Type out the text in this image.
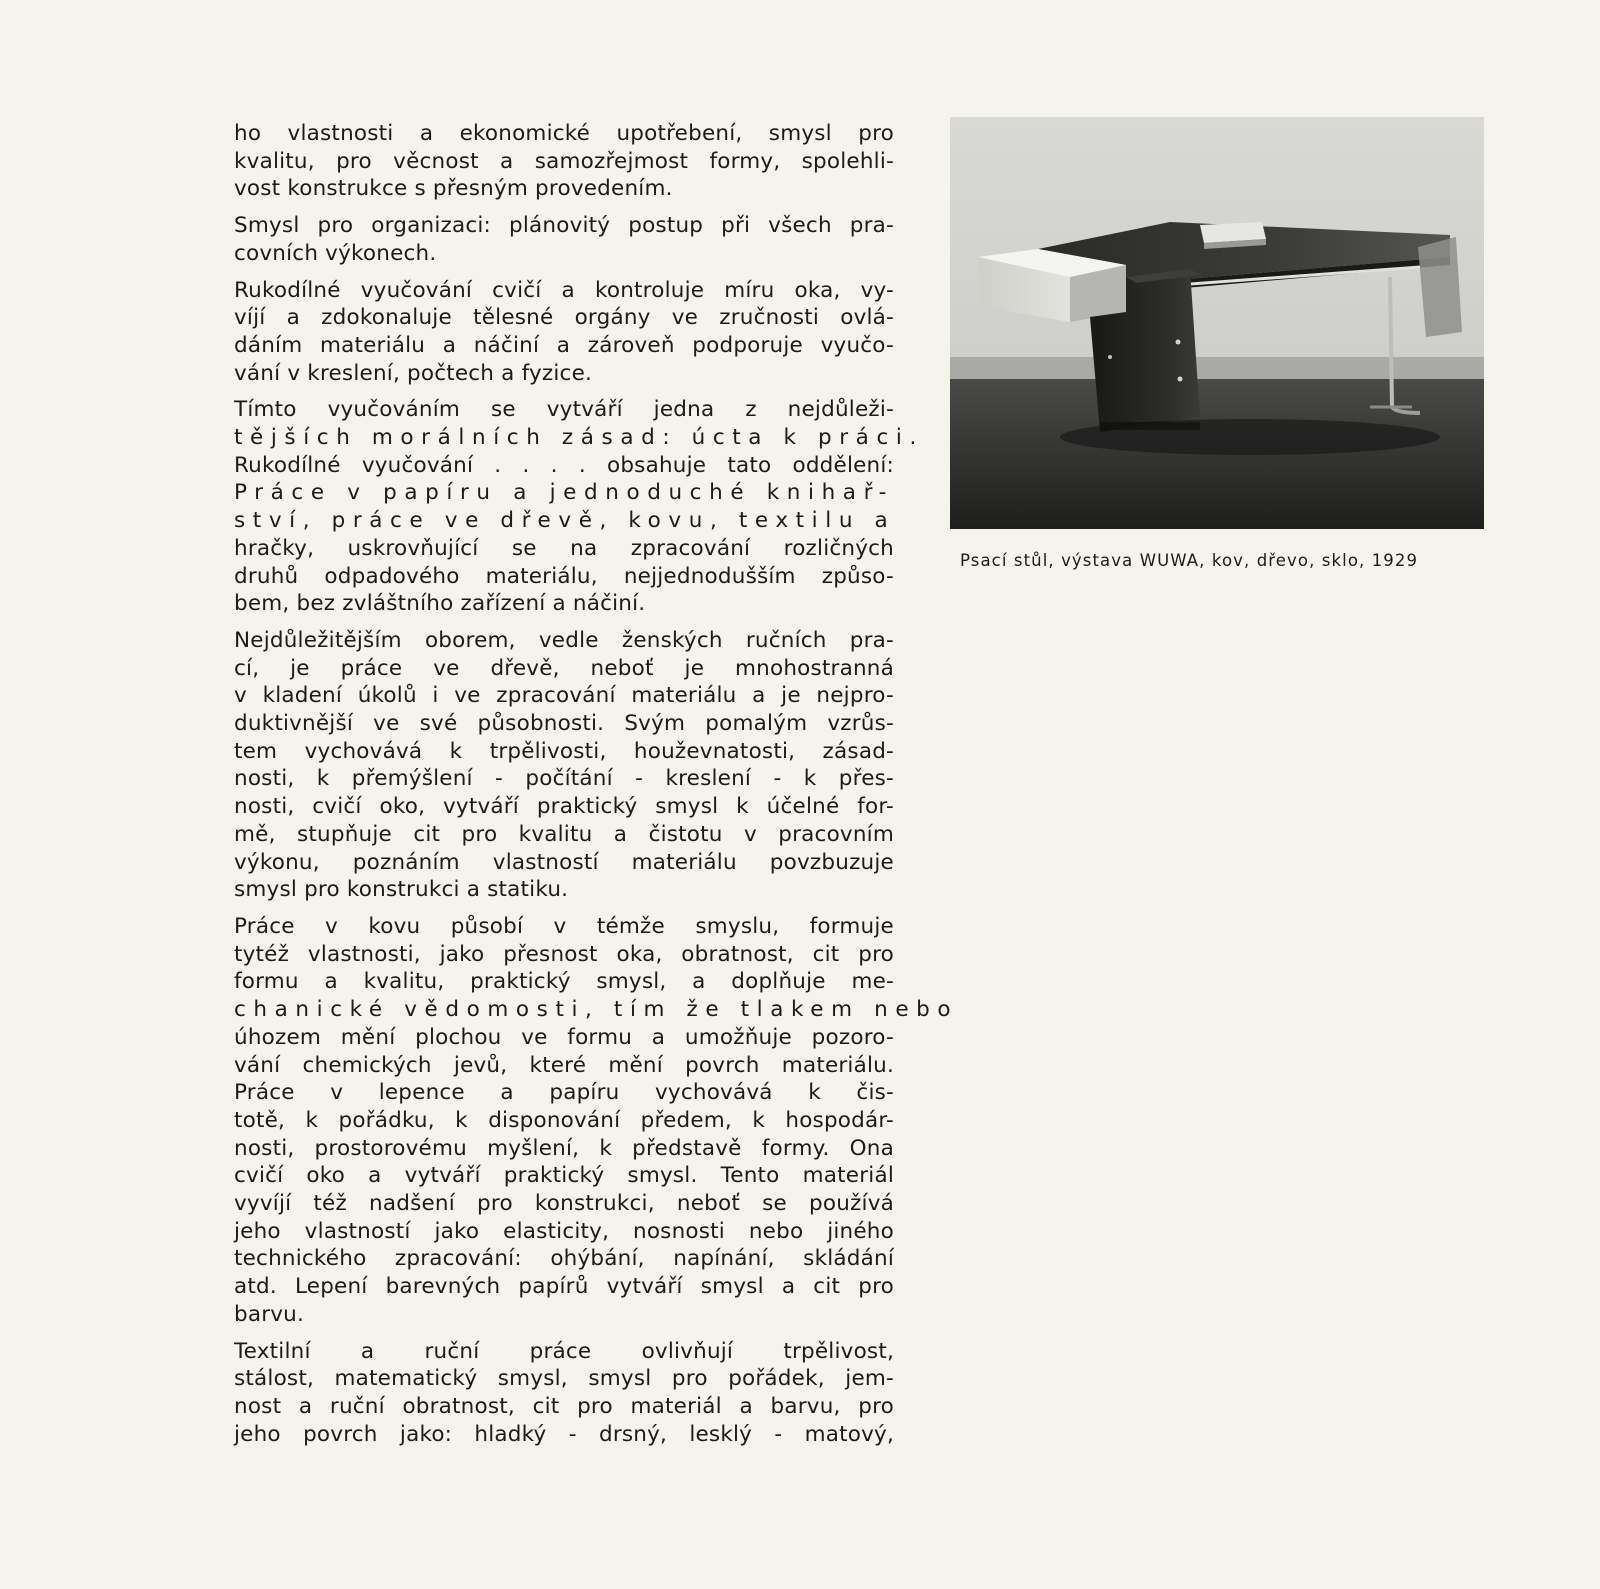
ho vlastnosti a ekonomické upotřebení, smysl pro
kvalitu, pro věcnost a samozřejmost formy, spolehli-
vost konstrukce s přesným provedením.
Smysl pro organizaci: plánovitý postup při všech pra-
covních výkonech.
Rukodílné vyučování cvičí a kontroluje míru oka, vy-
víjí a zdokonaluje tělesné orgány ve zručnosti ovlá-
dáním materiálu a náčiní a zároveň podporuje vyučo-
vání v kreslení, počtech a fyzice.
Tímto vyučováním se vytváří jedna z nejdůleži-
tějších morálních zásad: úcta k práci.
Rukodílné vyučování . . . . obsahuje tato oddělení:
Práce v papíru a jednoduché knihař-
ství, práce ve dřevě, kovu, textilu a
hračky, uskrovňující se na zpracování rozličných
druhů odpadového materiálu, nejjednodušším způso-
bem, bez zvláštního zařízení a náčiní.
Nejdůležitějším oborem, vedle ženských ručních pra-
cí, je práce ve dřevě, neboť je mnohostranná
v kladení úkolů i ve zpracování materiálu a je nejpro-
duktivnější ve své působnosti. Svým pomalým vzrůs-
tem vychovává k trpělivosti, houževnatosti, zásad-
nosti, k přemýšlení - počítání - kreslení - k přes-
nosti, cvičí oko, vytváří praktický smysl k účelné for-
mě, stupňuje cit pro kvalitu a čistotu v pracovním
výkonu, poznáním vlastností materiálu povzbuzuje
smysl pro konstrukci a statiku.
Práce v kovu působí v témže smyslu, formuje
tytéž vlastnosti, jako přesnost oka, obratnost, cit pro
formu a kvalitu, praktický smysl, a doplňuje me-
chanické vědomosti, tím že tlakem nebo
úhozem mění plochou ve formu a umožňuje pozoro-
vání chemických jevů, které mění povrch materiálu.
Práce v lepence a papíru vychovává k čis-
totě, k pořádku, k disponování předem, k hospodár-
nosti, prostorovému myšlení, k představě formy. Ona
cvičí oko a vytváří praktický smysl. Tento materiál
vyvíjí též nadšení pro konstrukci, neboť se používá
jeho vlastností jako elasticity, nosnosti nebo jiného
technického zpracování: ohýbání, napínání, skládání
atd. Lepení barevných papírů vytváří smysl a cit pro
barvu.
Textilní a ruční práce ovlivňují trpělivost,
stálost, matematický smysl, smysl pro pořádek, jem-
nost a ruční obratnost, cit pro materiál a barvu, pro
jeho povrch jako: hladký - drsný, lesklý - matový,
Psací stůl, výstava WUWA, kov, dřevo, sklo, 1929
